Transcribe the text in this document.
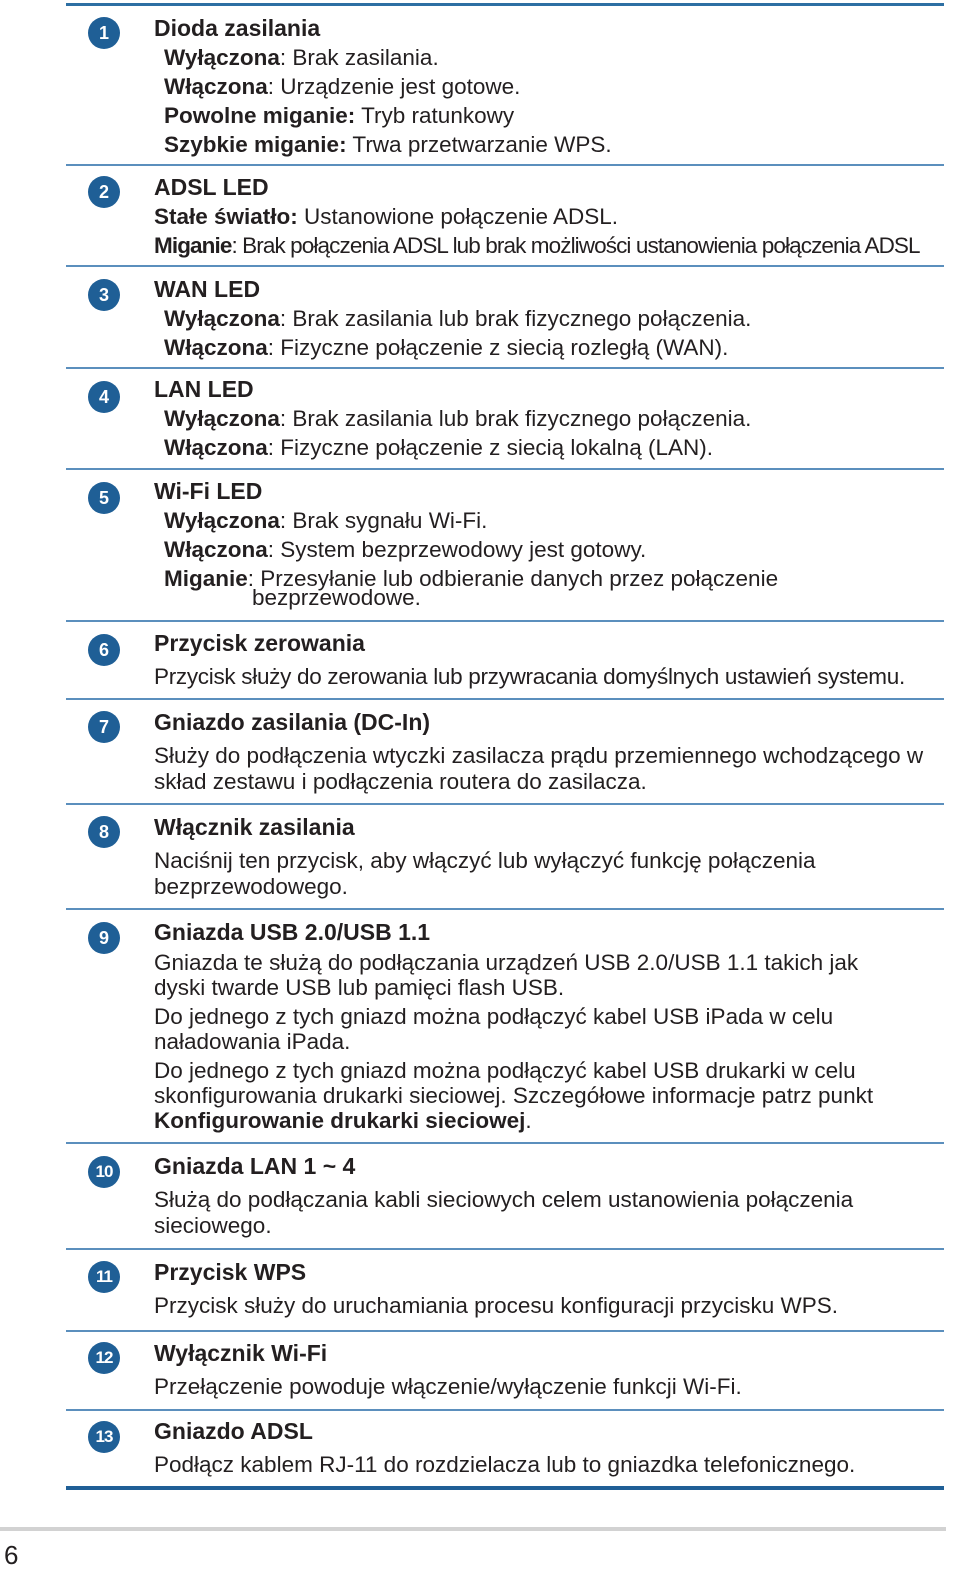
1	Dioda zasilania
Wyłączona: Brak zasilania.
Włączona: Urządzenie jest gotowe.
Powolne miganie: Tryb ratunkowy
Szybkie miganie: Trwa przetwarzanie WPS.
2	ADSL LED
Stałe światło: Ustanowione połączenie ADSL.
Miganie: Brak połączenia ADSL lub brak możliwości ustanowienia połączenia ADSL
3	WAN LED
Wyłączona: Brak zasilania lub brak fizycznego połączenia.
Włączona: Fizyczne połączenie z siecią rozległą (WAN).
4	LAN LED
Wyłączona: Brak zasilania lub brak fizycznego połączenia.
Włączona: Fizyczne połączenie z siecią lokalną (LAN).
5	Wi-Fi LED
Wyłączona: Brak sygnału Wi-Fi.
Włączona: System bezprzewodowy jest gotowy.
Miganie: Przesyłanie lub odbieranie danych przez połączenie
bezprzewodowe.
6	Przycisk zerowania
Przycisk służy do zerowania lub przywracania domyślnych ustawień systemu.
7	Gniazdo zasilania (DC-In)
Służy do podłączenia wtyczki zasilacza prądu przemiennego wchodzącego w skład zestawu i podłączenia routera do zasilacza.
8	Włącznik zasilania
Naciśnij ten przycisk, aby włączyć lub wyłączyć funkcję połączenia bezprzewodowego.
9	Gniazda USB 2.0/USB 1.1
Gniazda te służą do podłączania urządzeń USB 2.0/USB 1.1 takich jak dyski twarde USB lub pamięci flash USB.
Do jednego z tych gniazd można podłączyć kabel USB iPada w celu naładowania iPada.
Do jednego z tych gniazd można podłączyć kabel USB drukarki w celu skonfigurowania drukarki sieciowej. Szczegółowe informacje patrz punkt Konfigurowanie drukarki sieciowej.
10	Gniazda LAN 1 ~ 4
Służą do podłączania kabli sieciowych celem ustanowienia połączenia sieciowego.
11	Przycisk WPS
Przycisk służy do uruchamiania procesu konfiguracji przycisku WPS.
12	Wyłącznik Wi-Fi
Przełączenie powoduje włączenie/wyłączenie funkcji Wi-Fi.
13	Gniazdo ADSL
Podłącz kablem RJ-11 do rozdzielacza lub to gniazdka telefonicznego.
6
